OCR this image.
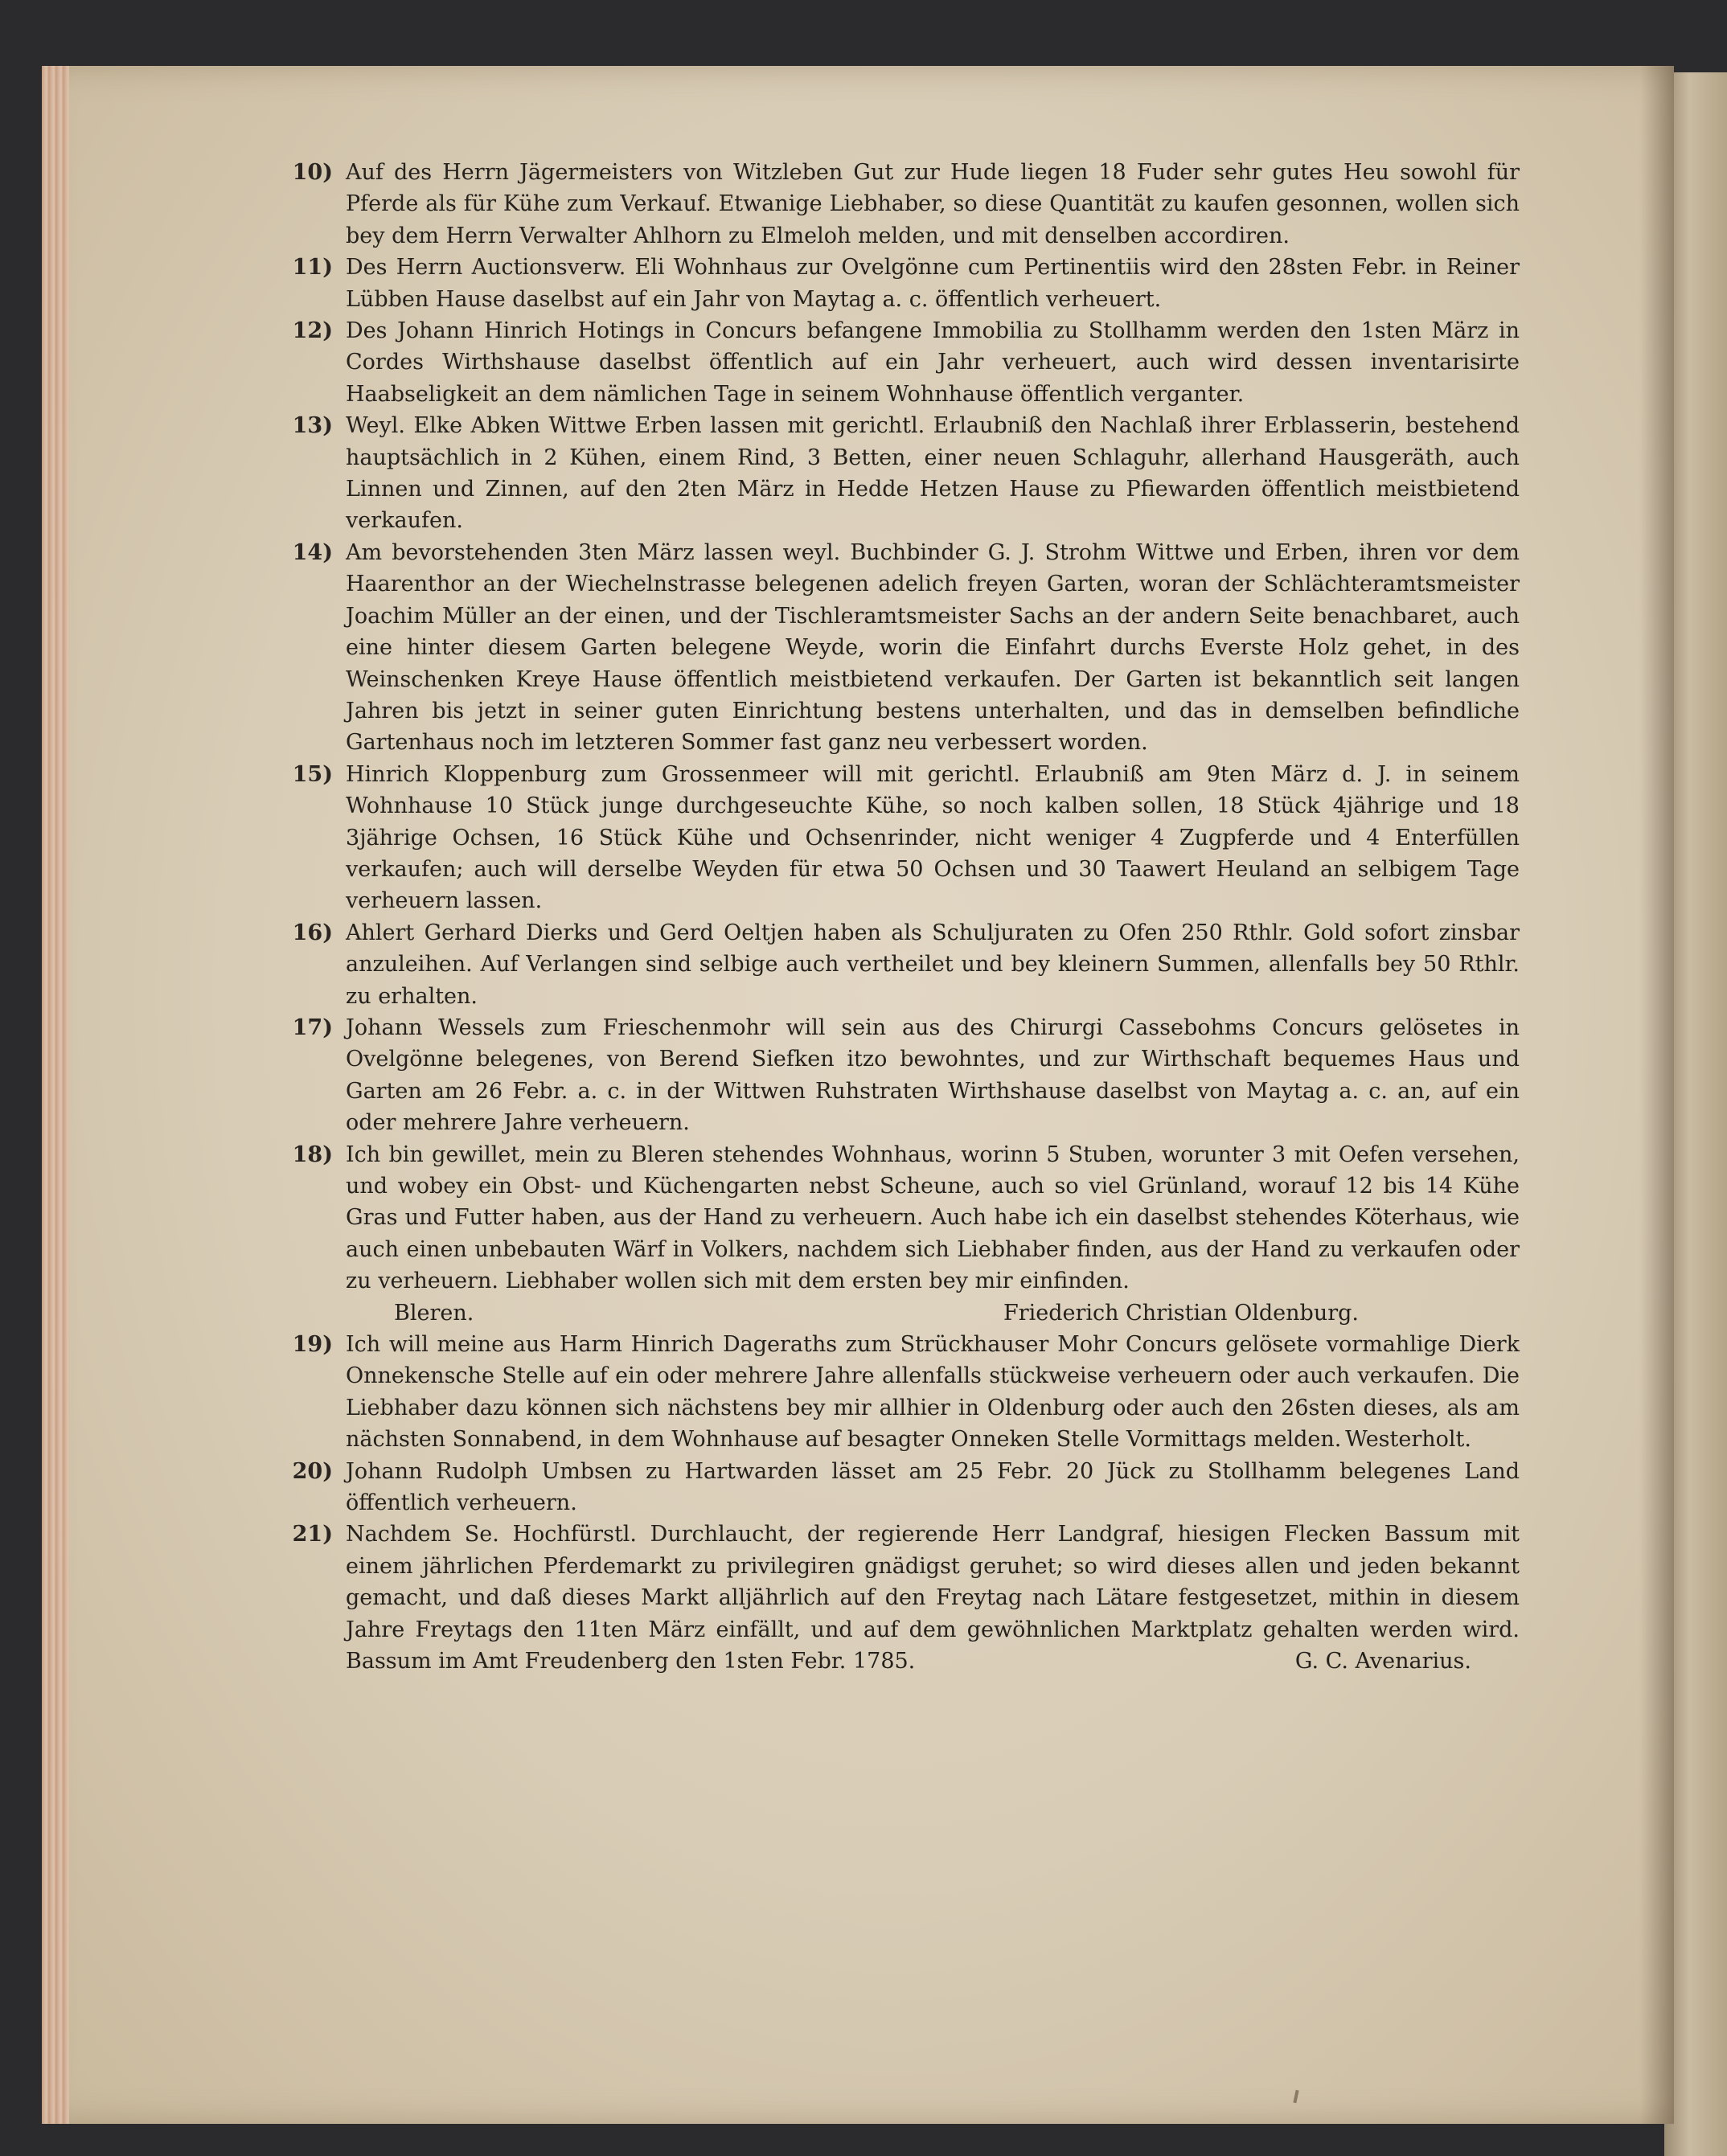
10) Auf des Herrn Jägermeisters von Witzleben Gut zur Hude liegen 18 Fuder sehr gutes Heu sowohl für Pferde als für Kühe zum Verkauf. Etwanige Liebhaber, so diese Quantität zu kaufen gesonnen, wollen sich bey dem Herrn Verwalter Ahlhorn zu Elmeloh melden, und mit denselben accordiren.
11) Des Herrn Auctionsverw. Eli Wohnhaus zur Ovelgönne cum Pertinentiis wird den 28sten Febr. in Reiner Lübben Hause daselbst auf ein Jahr von Maytag a. c. öffentlich verheuert.
12) Des Johann Hinrich Hotings in Concurs befangene Immobilia zu Stollhamm werden den 1sten März in Cordes Wirthshause daselbst öffentlich auf ein Jahr verheuert, auch wird dessen inventarisirte Haabseligkeit an dem nämlichen Tage in seinem Wohnhause öffentlich verganter.
13) Weyl. Elke Abken Wittwe Erben lassen mit gerichtl. Erlaubniß den Nachlaß ihrer Erblasserin, bestehend hauptsächlich in 2 Kühen, einem Rind, 3 Betten, einer neuen Schlaguhr, allerhand Hausgeräth, auch Linnen und Zinnen, auf den 2ten März in Hedde Hetzen Hause zu Pfiewarden öffentlich meistbietend verkaufen.
14) Am bevorstehenden 3ten März lassen weyl. Buchbinder G. J. Strohm Wittwe und Erben, ihren vor dem Haarenthor an der Wiechelnstrasse belegenen adelich freyen Garten, woran der Schlächteramtsmeister Joachim Müller an der einen, und der Tischleramtsmeister Sachs an der andern Seite benachbaret, auch eine hinter diesem Garten belegene Weyde, worin die Einfahrt durchs Everste Holz gehet, in des Weinschenken Kreye Hause öffentlich meistbietend verkaufen. Der Garten ist bekanntlich seit langen Jahren bis jetzt in seiner guten Einrichtung bestens unterhalten, und das in demselben befindliche Gartenhaus noch im letzteren Sommer fast ganz neu verbessert worden.
15) Hinrich Kloppenburg zum Grossenmeer will mit gerichtl. Erlaubniß am 9ten März d. J. in seinem Wohnhause 10 Stück junge durchgeseuchte Kühe, so noch kalben sollen, 18 Stück 4jährige und 18 3jährige Ochsen, 16 Stück Kühe und Ochsenrinder, nicht weniger 4 Zugpferde und 4 Enterfüllen verkaufen; auch will derselbe Weyden für etwa 50 Ochsen und 30 Taawert Heuland an selbigem Tage verheuern lassen.
16) Ahlert Gerhard Dierks und Gerd Oeltjen haben als Schuljuraten zu Ofen 250 Rthlr. Gold sofort zinsbar anzuleihen. Auf Verlangen sind selbige auch vertheilet und bey kleinern Summen, allenfalls bey 50 Rthlr. zu erhalten.
17) Johann Wessels zum Frieschenmohr will sein aus des Chirurgi Cassebohms Concurs gelösetes in Ovelgönne belegenes, von Berend Siefken itzo bewohntes, und zur Wirthschaft bequemes Haus und Garten am 26 Febr. a. c. in der Wittwen Ruhstraten Wirthshause daselbst von Maytag a. c. an, auf ein oder mehrere Jahre verheuern.
18) Ich bin gewillet, mein zu Bleren stehendes Wohnhaus, worinn 5 Stuben, worunter 3 mit Oefen versehen, und wobey ein Obst- und Küchengarten nebst Scheune, auch so viel Grünland, worauf 12 bis 14 Kühe Gras und Futter haben, aus der Hand zu verheuern. Auch habe ich ein daselbst stehendes Köterhaus, wie auch einen unbebauten Wärf in Volkers, nachdem sich Liebhaber finden, aus der Hand zu verkaufen oder zu verheuern. Liebhaber wollen sich mit dem ersten bey mir einfinden.
Bleren.	Friederich Christian Oldenburg.
19) Ich will meine aus Harm Hinrich Dageraths zum Strückhauser Mohr Concurs gelösete vormahlige Dierk Onnekensche Stelle auf ein oder mehrere Jahre allenfalls stückweise verheuern oder auch verkaufen. Die Liebhaber dazu können sich nächstens bey mir allhier in Oldenburg oder auch den 26sten dieses, als am nächsten Sonnabend, in dem Wohnhause auf besagter Onneken Stelle Vormittags melden. Westerholt.
20) Johann Rudolph Umbsen zu Hartwarden lässet am 25 Febr. 20 Jück zu Stollhamm belegenes Land öffentlich verheuern.
21) Nachdem Se. Hochfürstl. Durchlaucht, der regierende Herr Landgraf, hiesigen Flecken Bassum mit einem jährlichen Pferdemarkt zu privilegiren gnädigst geruhet; so wird dieses allen und jeden bekannt gemacht, und daß dieses Markt alljährlich auf den Freytag nach Lätare festgesetzet, mithin in diesem Jahre Freytags den 11ten März einfällt, und auf dem gewöhnlichen Marktplatz gehalten werden wird. Bassum im Amt Freudenberg den 1sten Febr. 1785.	G. C. Avenarius.
